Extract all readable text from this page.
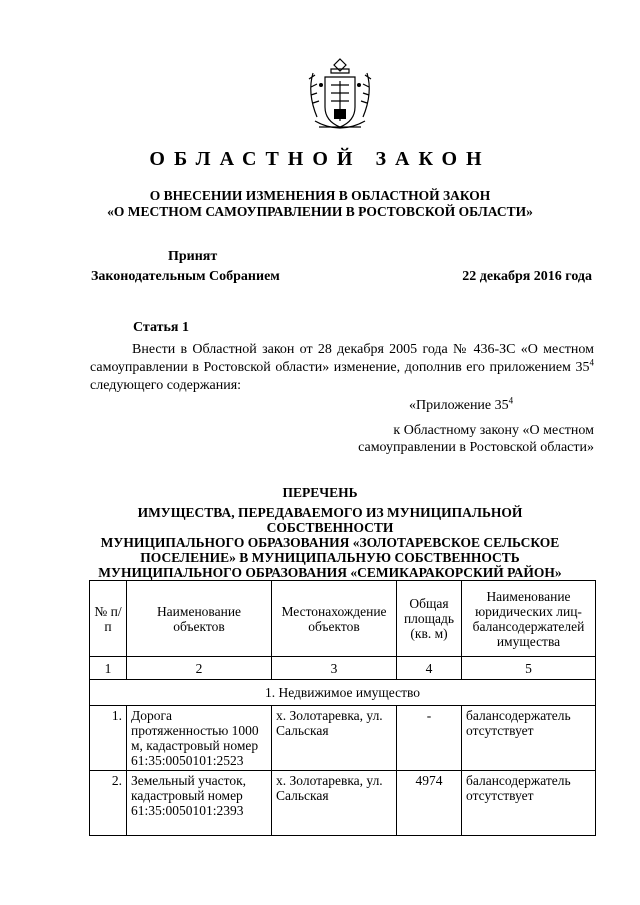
ОБЛАСТНОЙ ЗАКОН
О ВНЕСЕНИИ ИЗМЕНЕНИЯ В ОБЛАСТНОЙ ЗАКОН
«О МЕСТНОМ САМОУПРАВЛЕНИИ В РОСТОВСКОЙ ОБЛАСТИ»
Принят
Законодательным Собранием	22 декабря 2016 года
Статья 1
Внести в Областной закон от 28 декабря 2005 года № 436-ЗС «О местном самоуправлении в Ростовской области» изменение, дополнив его приложением $35^4$ следующего содержания:
«Приложение $35^4$
к Областному закону «О местном
самоуправлении в Ростовской области»
ПЕРЕЧЕНЬ
ИМУЩЕСТВА, ПЕРЕДАВАЕМОГО ИЗ МУНИЦИПАЛЬНОЙ СОБСТВЕННОСТИ
МУНИЦИПАЛЬНОГО ОБРАЗОВАНИЯ «ЗОЛОТАРЕВСКОЕ СЕЛЬСКОЕ
ПОСЕЛЕНИЕ» В МУНИЦИПАЛЬНУЮ СОБСТВЕННОСТЬ
МУНИЦИПАЛЬНОГО ОБРАЗОВАНИЯ «СЕМИКАРАКОРСКИЙ РАЙОН»
№ п/п	Наименование объектов	Местонахождение объектов	Общая площадь (кв. м)	Наименование юридических лиц-балансодержателей имущества
1	2	3	4	5
1. Недвижимое имущество				
1.	Дорога протяженностью 1000 м, кадастровый номер 61:35:0050101:2523	х. Золотаревка, ул. Сальская	-	балансодержатель отсутствует
2.	Земельный участок, кадастровый номер 61:35:0050101:2393	х. Золотаревка, ул. Сальская	4974	балансодержатель отсутствует
